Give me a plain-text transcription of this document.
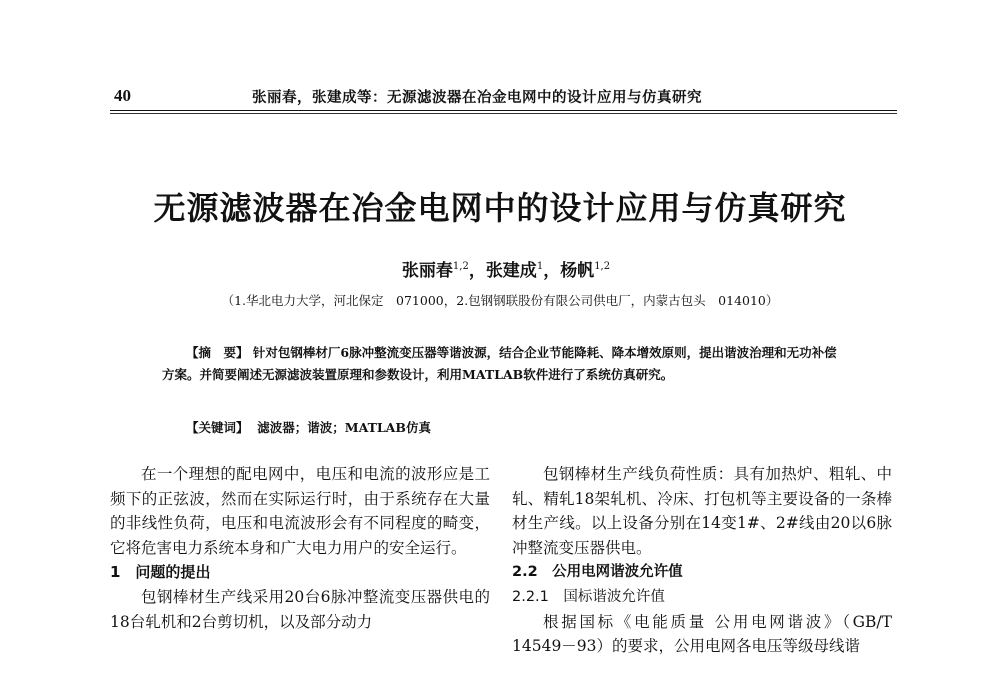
40	张丽春，张建成等：无源滤波器在冶金电网中的设计应用与仿真研究
无源滤波器在冶金电网中的设计应用与仿真研究
张丽春$^{1,2}$，张建成$^1$，杨帆$^{1,2}$
（1.华北电力大学，河北保定　071000，2.包钢钢联股份有限公司供电厂，内蒙古包头　014010）

【摘　要】 针对包钢棒材厂6脉冲整流变压器等谐波源，结合企业节能降耗、降本增效原则，提出谐波治理和无功补偿方案。并简要阐述无源滤波装置原理和参数设计，利用MATLAB软件进行了系统仿真研究。

【关键词】 滤波器；谐波；MATLAB仿真

在一个理想的配电网中，电压和电流的波形应是工频下的正弦波，然而在实际运行时，由于系统存在大量的非线性负荷，电压和电流波形会有不同程度的畸变，它将危害电力系统本身和广大电力用户的安全运行。

1　问题的提出

包钢棒材生产线采用20台6脉冲整流变压器供电的18台轧机和2台剪切机，以及部分动力

包钢棒材生产线负荷性质：具有加热炉、粗轧、中轧、精轧18架轧机、冷床、打包机等主要设备的一条棒材生产线。以上设备分别在14变1#、2#线由20以6脉冲整流变压器供电。

2.2　公用电网谐波允许值

2.2.1　国标谐波允许值

根据国标《电能质量 公用电网谐波》（GB/T 14549－93）的要求，公用电网各电压等级母线谐
